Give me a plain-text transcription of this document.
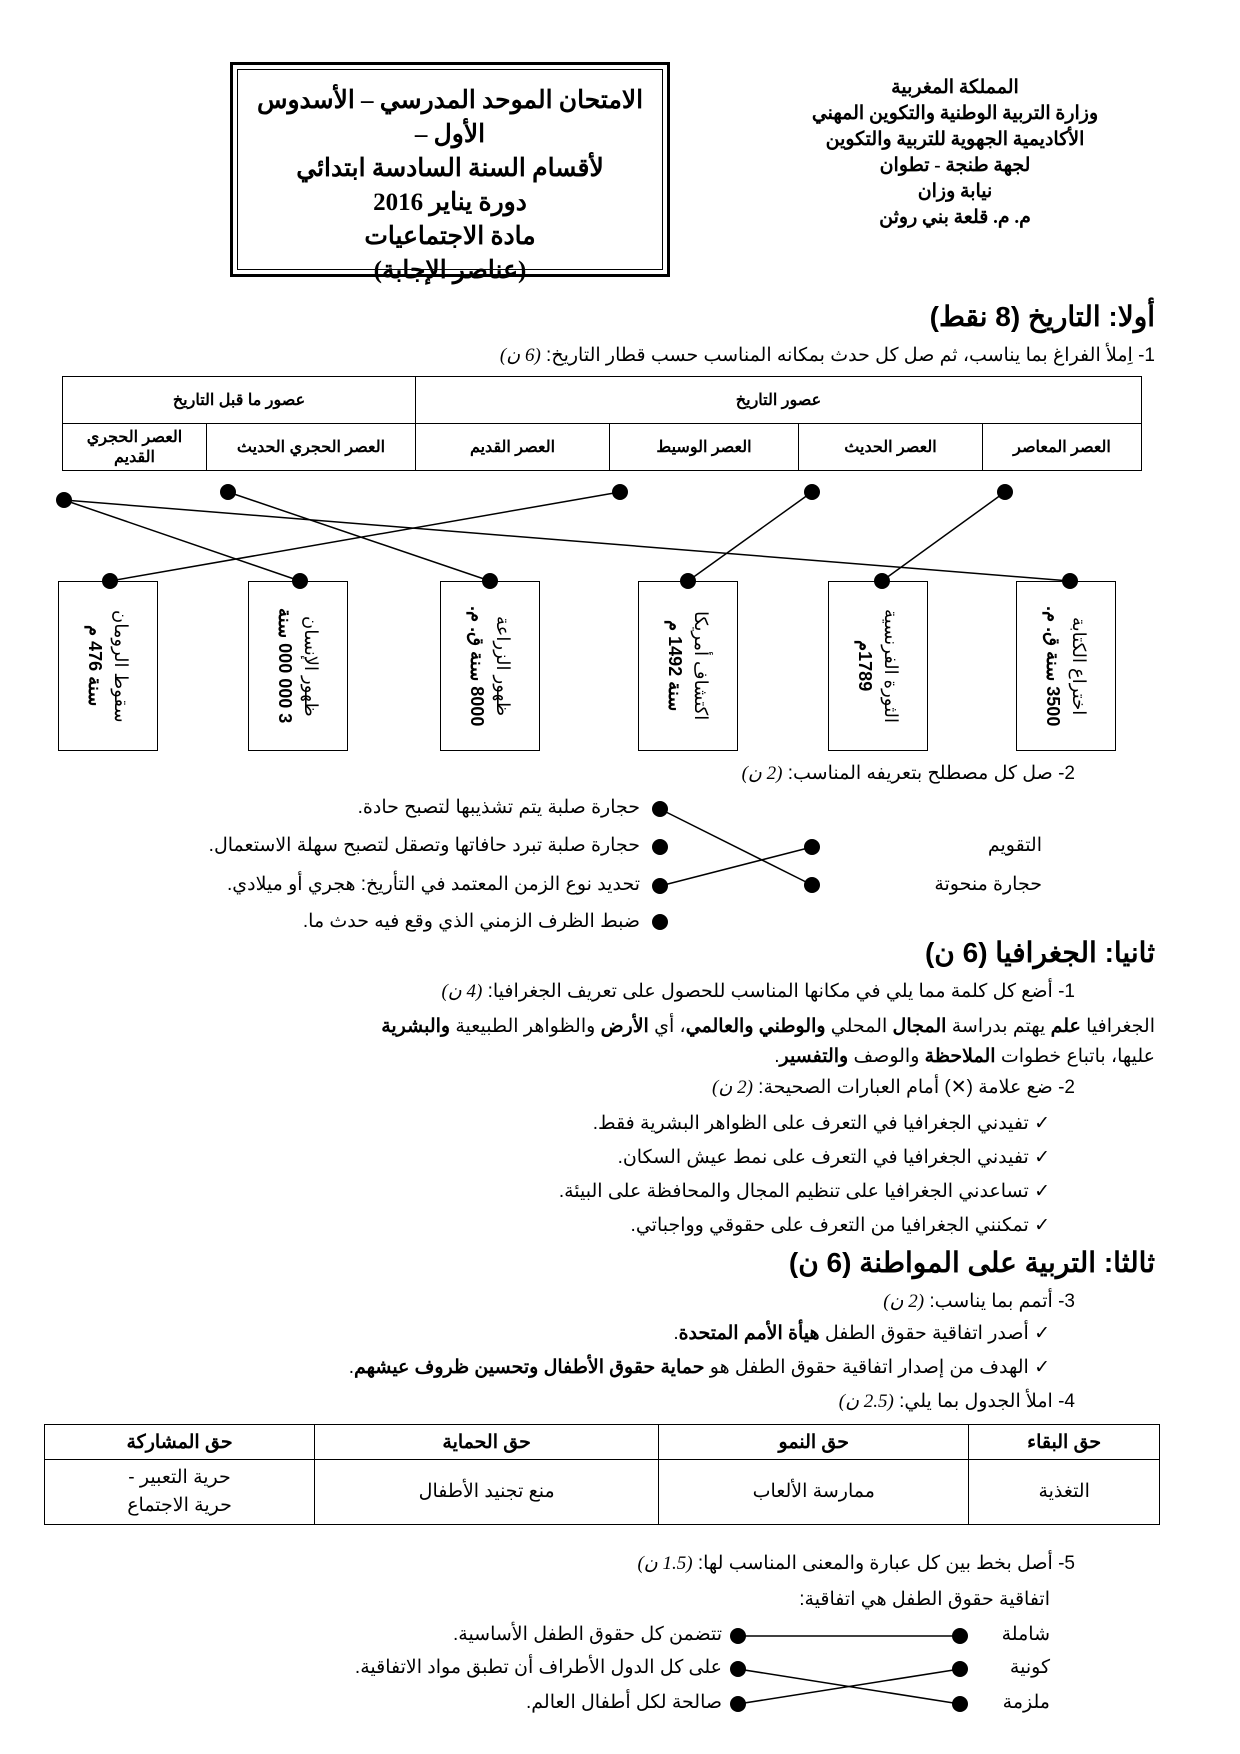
الامتحان الموحد المدرسي – الأسدوس الأول –
لأقسام السنة السادسة ابتدائي
دورة يناير 2016
مادة الاجتماعيات
(عناصر الإجابة)
المملكة المغربية
وزارة التربية الوطنية والتكوين المهني
الأكاديمية الجهوية للتربية والتكوين
لجهة طنجة - تطوان
نيابة وزان
م. م. قلعة بني روثن
أولا: التاريخ (8 نقط)
1- اِملأ الفراغ بما يناسب، ثم صل كل حدث بمكانه المناسب حسب قطار التاريخ: (6 ن)
عصور التاريخ				عصور ما قبل التاريخ	
العصر المعاصر	العصر الحديث	العصر الوسيط	العصر القديم	العصر الحجري الحديث	العصر الحجري القديم
اختراع الكتابة
3500 سنة ق. م.
الثورة الفرنسية
1789م
اكتشاف أمريكا
سنة 1492 م
ظهور الزراعة
8000 سنة ق. م.
ظهور الإنسان
3 000 000 سنة
سقوط الرومان
سنة 476 م
2- صل كل مصطلح بتعريفه المناسب: (2 ن)
حجارة صلبة يتم تشذيبها لتصبح حادة.
حجارة صلبة تبرد حافاتها وتصقل لتصبح سهلة الاستعمال.
تحديد نوع الزمن المعتمد في التأريخ: هجري أو ميلادي.
ضبط الظرف الزمني الذي وقع فيه حدث ما.
التقويم
حجارة منحوتة
ثانيا: الجغرافيا (6 ن)
1- أضع كل كلمة مما يلي في مكانها المناسب للحصول على تعريف الجغرافيا: (4 ن)
الجغرافيا علم يهتم بدراسة المجال المحلي والوطني والعالمي، أي الأرض والظواهر الطبيعية والبشرية
عليها، باتباع خطوات الملاحظة والوصف والتفسير.
2- ضع علامة (✕) أمام العبارات الصحيحة: (2 ن)
✓ تفيدني الجغرافيا في التعرف على الظواهر البشرية فقط.
✓ تفيدني الجغرافيا في التعرف على نمط عيش السكان.
✓ تساعدني الجغرافيا على تنظيم المجال والمحافظة على البيئة.
✓ تمكنني الجغرافيا من التعرف على حقوقي وواجباتي.

ثالثا: التربية على المواطنة (6 ن)
3- أتمم بما يناسب: (2 ن)
✓ أصدر اتفاقية حقوق الطفل هيأة الأمم المتحدة.
✓ الهدف من إصدار اتفاقية حقوق الطفل هو حماية حقوق الأطفال وتحسين ظروف عيشهم.
4- املأ الجدول بما يلي: (2.5 ن)
حق البقاء	حق النمو	حق الحماية	حق المشاركة
التغذية	ممارسة الألعاب	منع تجنيد الأطفال	حرية التعبير -
حرية الاجتماع
5- أصل بخط بين كل عبارة والمعنى المناسب لها: (1.5 ن)
اتفاقية حقوق الطفل هي اتفاقية:
شاملة
كونية
ملزمة
تتضمن كل حقوق الطفل الأساسية.
على كل الدول الأطراف أن تطبق مواد الاتفاقية.
صالحة لكل أطفال العالم.
